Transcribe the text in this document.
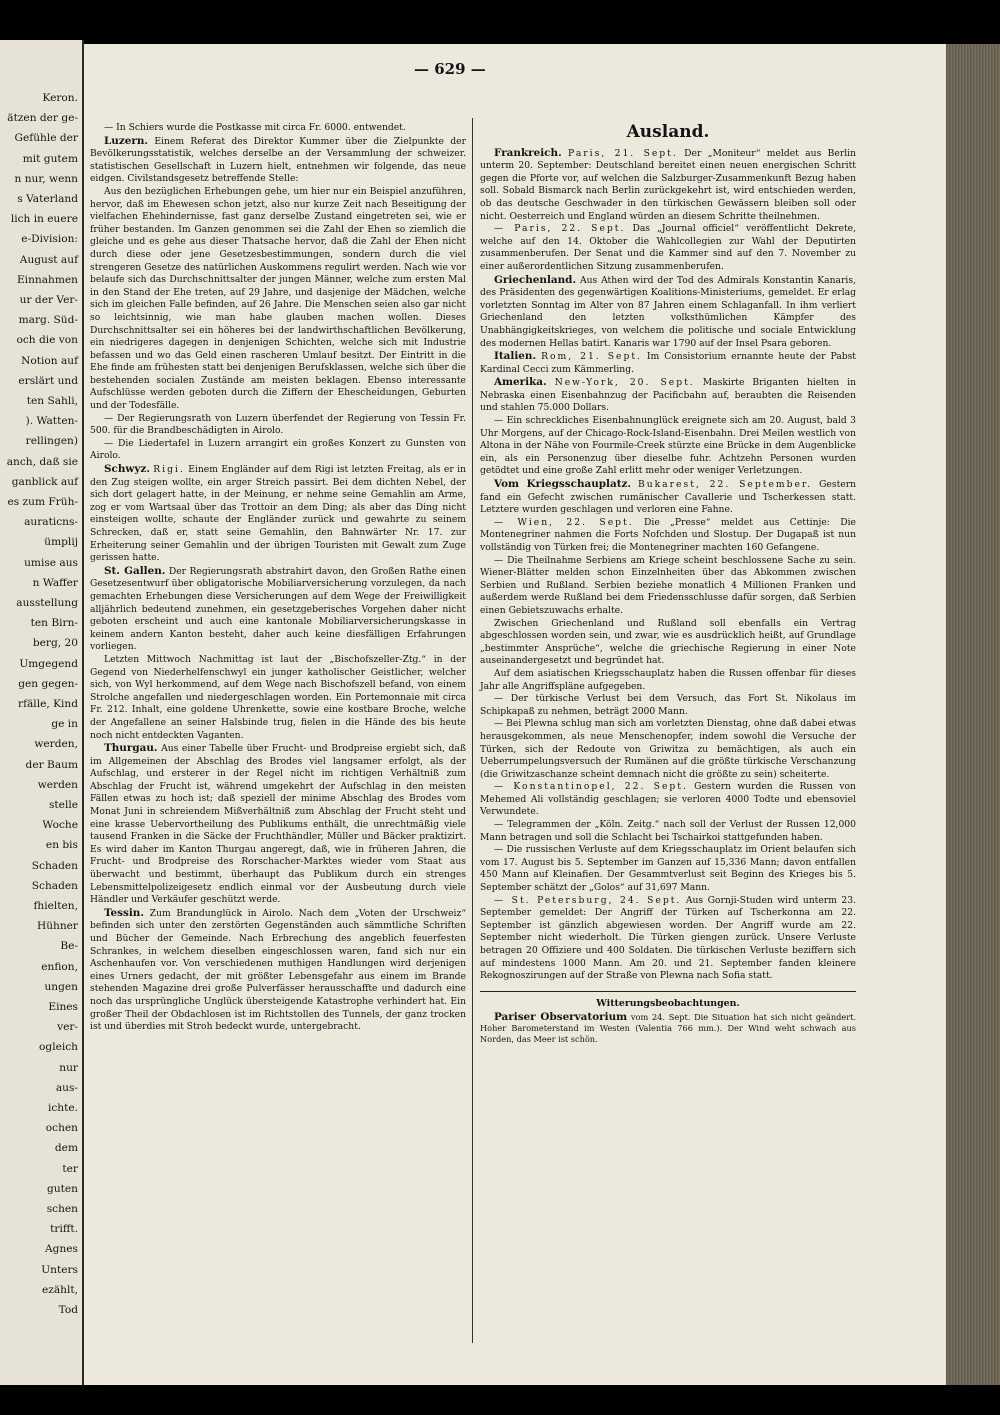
Keron.
ätzen der ge-
Gefühle der
mit gutem
n nur, wenn
s Vaterland
lich in euere
e-Division:
August auf
Einnahmen
ur der Ver-
marg. Süd-
och die von
Notion auf
erslärt und
ten Sahli,
). Watten-
rellingen)
anch, daß sie
ganblick auf
es zum Früh-
auraticns-
ümplij
umise aus
n Waffer
ausstellung
ten Birn-
berg, 20
Umgegend
gen gegen-
rfälle, Kind
ge in
werden,
der Baum
werden
stelle
Woche
en bis
Schaden
Schaden
fhielten,
Hühner
Be-
enfion,
ungen
Eines
ver-
ogleich
nur
aus-
ichte.
ochen
dem
ter
guten
schen
trifft.
Agnes
Unters
ezählt,
Tod
— 629 —

— In Schiers wurde die Postkasse mit circa Fr. 6000. entwendet.

Luzern. Einem Referat des Direktor Kummer über die Zielpunkte der Bevölkerungsstatistik, welches derselbe an der Versammlung der schweizer. statistischen Gesellschaft in Luzern hielt, entnehmen wir folgende, das neue eidgen. Civilstandsgesetz betreffende Stelle:

Aus den bezüglichen Erhebungen gehe, um hier nur ein Beispiel anzuführen, hervor, daß im Ehewesen schon jetzt, also nur kurze Zeit nach Beseitigung der vielfachen Ehehindernisse, fast ganz derselbe Zustand eingetreten sei, wie er früher bestanden. Im Ganzen genommen sei die Zahl der Ehen so ziemlich die gleiche und es gehe aus dieser Thatsache hervor, daß die Zahl der Ehen nicht durch diese oder jene Gesetzesbestimmungen, sondern durch die viel strengeren Gesetze des natürlichen Auskommens regulirt werden. Nach wie vor belaufe sich das Durchschnittsalter der jungen Männer, welche zum ersten Mal in den Stand der Ehe treten, auf 29 Jahre, und dasjenige der Mädchen, welche sich im gleichen Falle befinden, auf 26 Jahre. Die Menschen seien also gar nicht so leichtsinnig, wie man habe glauben machen wollen. Dieses Durchschnittsalter sei ein höheres bei der landwirthschaftlichen Bevölkerung, ein niedrigeres dagegen in denjenigen Schichten, welche sich mit Industrie befassen und wo das Geld einen rascheren Umlauf besitzt. Der Eintritt in die Ehe finde am frühesten statt bei denjenigen Berufsklassen, welche sich über die bestehenden socialen Zustände am meisten beklagen. Ebenso interessante Aufschlüsse werden geboten durch die Ziffern der Ehescheidungen, Geburten und der Todesfälle.

— Der Regierungsrath von Luzern überfendet der Regierung von Tessin Fr. 500. für die Brandbeschädigten in Airolo.

— Die Liedertafel in Luzern arrangirt ein großes Konzert zu Gunsten von Airolo.

Schwyz. Rigi. Einem Engländer auf dem Rigi ist letzten Freitag, als er in den Zug steigen wollte, ein arger Streich passirt. Bei dem dichten Nebel, der sich dort gelagert hatte, in der Meinung, er nehme seine Gemahlin am Arme, zog er vom Wartsaal über das Trottoir an dem Ding; als aber das Ding nicht einsteigen wollte, schaute der Engländer zurück und gewahrte zu seinem Schrecken, daß er, statt seine Gemahlin, den Bahnwärter Nr. 17. zur Erheiterung seiner Gemahlin und der übrigen Touristen mit Gewalt zum Zuge gerissen hatte.

St. Gallen. Der Regierungsrath abstrahirt davon, den Großen Rathe einen Gesetzesentwurf über obligatorische Mobiliarversicherung vorzulegen, da nach gemachten Erhebungen diese Versicherungen auf dem Wege der Freiwilligkeit alljährlich bedeutend zunehmen, ein gesetzgeberisches Vorgehen daher nicht geboten erscheint und auch eine kantonale Mobiliarversicherungskasse in keinem andern Kanton besteht, daher auch keine diesfälligen Erfahrungen vorliegen.

Letzten Mittwoch Nachmittag ist laut der „Bischofszeller-Ztg.“ in der Gegend von Niederhelfenschwyl ein junger katholischer Geistlicher, welcher sich, von Wyl herkommend, auf dem Wege nach Bischofszell befand, von einem Strolche angefallen und niedergeschlagen worden. Ein Portemonnaie mit circa Fr. 212. Inhalt, eine goldene Uhrenkette, sowie eine kostbare Broche, welche der Angefallene an seiner Halsbinde trug, fielen in die Hände des bis heute noch nicht entdeckten Vaganten.

Thurgau. Aus einer Tabelle über Frucht- und Brodpreise ergiebt sich, daß im Allgemeinen der Abschlag des Brodes viel langsamer erfolgt, als der Aufschlag, und ersterer in der Regel nicht im richtigen Verhältniß zum Abschlag der Frucht ist, während umgekehrt der Aufschlag in den meisten Fällen etwas zu hoch ist; daß speziell der minime Abschlag des Brodes vom Monat Juni in schreiendem Mißverhältniß zum Abschlag der Frucht steht und eine krasse Uebervortheilung des Publikums enthält, die unrechtmäßig viele tausend Franken in die Säcke der Fruchthändler, Müller und Bäcker praktizirt. Es wird daher im Kanton Thurgau angeregt, daß, wie in früheren Jahren, die Frucht- und Brodpreise des Rorschacher-Marktes wieder vom Staat aus überwacht und bestimmt, überhaupt das Publikum durch ein strenges Lebensmittelpolizeigesetz endlich einmal vor der Ausbeutung durch viele Händler und Verkäufer geschützt werde.

Tessin. Zum Brandunglück in Airolo. Nach dem „Voten der Urschweiz“ befinden sich unter den zerstörten Gegenständen auch sämmtliche Schriften und Bücher der Gemeinde. Nach Erbrechung des angeblich feuerfesten Schrankes, in welchem dieselben eingeschlossen waren, fand sich nur ein Aschenhaufen vor. Von verschiedenen muthigen Handlungen wird derjenigen eines Urners gedacht, der mit größter Lebensgefahr aus einem im Brande stehenden Magazine drei große Pulverfässer herausschaffte und dadurch eine noch das ursprüngliche Unglück übersteigende Katastrophe verhindert hat. Ein großer Theil der Obdachlosen ist im Richtstollen des Tunnels, der ganz trocken ist und überdies mit Stroh bedeckt wurde, untergebracht.

Ausland.

Frankreich. Paris, 21. Sept. Der „Moniteur“ meldet aus Berlin unterm 20. September: Deutschland bereitet einen neuen energischen Schritt gegen die Pforte vor, auf welchen die Salzburger-Zusammenkunft Bezug haben soll. Sobald Bismarck nach Berlin zurückgekehrt ist, wird entschieden werden, ob das deutsche Geschwader in den türkischen Gewässern bleiben soll oder nicht. Oesterreich und England würden an diesem Schritte theilnehmen.

— Paris, 22. Sept. Das „Journal officiel“ veröffentlicht Dekrete, welche auf den 14. Oktober die Wahlcollegien zur Wahl der Deputirten zusammenberufen. Der Senat und die Kammer sind auf den 7. November zu einer außerordentlichen Sitzung zusammenberufen.

Griechenland. Aus Athen wird der Tod des Admirals Konstantin Kanaris, des Präsidenten des gegenwärtigen Koalitions-Ministeriums, gemeldet. Er erlag vorletzten Sonntag im Alter von 87 Jahren einem Schlaganfall. In ihm verliert Griechenland den letzten volksthümlichen Kämpfer des Unabhängigkeitskrieges, von welchem die politische und sociale Entwicklung des modernen Hellas batirt. Kanaris war 1790 auf der Insel Psara geboren.

Italien. Rom, 21. Sept. Im Consistorium ernannte heute der Pabst Kardinal Cecci zum Kämmerling.

Amerika. New-York, 20. Sept. Maskirte Briganten hielten in Nebraska einen Eisenbahnzug der Pacificbahn auf, beraubten die Reisenden und stahlen 75.000 Dollars.

— Ein schreckliches Eisenbahnunglück ereignete sich am 20. August, bald 3 Uhr Morgens, auf der Chicago-Rock-Island-Eisenbahn. Drei Meilen westlich von Altona in der Nähe von Fourmile-Creek stürzte eine Brücke in dem Augenblicke ein, als ein Personenzug über dieselbe fuhr. Achtzehn Personen wurden getödtet und eine große Zahl erlitt mehr oder weniger Verletzungen.

Vom Kriegsschauplatz. Bukarest, 22. September. Gestern fand ein Gefecht zwischen rumänischer Cavallerie und Tscherkessen statt. Letztere wurden geschlagen und verloren eine Fahne.

— Wien, 22. Sept. Die „Presse“ meldet aus Cettinje: Die Montenegriner nahmen die Forts Nofchden und Slostup. Der Dugapaß ist nun vollständig von Türken frei; die Montenegriner machten 160 Gefangene.

— Die Theilnahme Serbiens am Kriege scheint beschlossene Sache zu sein. Wiener-Blätter melden schon Einzelnheiten über das Abkommen zwischen Serbien und Rußland. Serbien beziehe monatlich 4 Millionen Franken und außerdem werde Rußland bei dem Friedensschlusse dafür sorgen, daß Serbien einen Gebietszuwachs erhalte.

Zwischen Griechenland und Rußland soll ebenfalls ein Vertrag abgeschlossen worden sein, und zwar, wie es ausdrücklich heißt, auf Grundlage „bestimmter Ansprüche“, welche die griechische Regierung in einer Note auseinandergesetzt und begründet hat.

Auf dem asiatischen Kriegsschauplatz haben die Russen offenbar für dieses Jahr alle Angriffspläne aufgegeben.

— Der türkische Verlust bei dem Versuch, das Fort St. Nikolaus im Schipkapaß zu nehmen, beträgt 2000 Mann.

— Bei Plewna schlug man sich am vorletzten Dienstag, ohne daß dabei etwas herausgekommen, als neue Menschenopfer, indem sowohl die Versuche der Türken, sich der Redoute von Griwitza zu bemächtigen, als auch ein Ueberrumpelungsversuch der Rumänen auf die größte türkische Verschanzung (die Griwitzaschanze scheint demnach nicht die größte zu sein) scheiterte.

— Konstantinopel, 22. Sept. Gestern wurden die Russen von Mehemed Ali vollständig geschlagen; sie verloren 4000 Todte und ebensoviel Verwundete.

— Telegrammen der „Köln. Zeitg.“ nach soll der Verlust der Russen 12,000 Mann betragen und soll die Schlacht bei Tschairkoi stattgefunden haben.

— Die russischen Verluste auf dem Kriegsschauplatz im Orient belaufen sich vom 17. August bis 5. September im Ganzen auf 15,336 Mann; davon entfallen 450 Mann auf Kleinafien. Der Gesammtverlust seit Beginn des Krieges bis 5. September schätzt der „Golos“ auf 31,697 Mann.

— St. Petersburg, 24. Sept. Aus Gornji-Studen wird unterm 23. September gemeldet: Der Angriff der Türken auf Tscherkonna am 22. September ist gänzlich abgewiesen worden. Der Angriff wurde am 22. September nicht wiederholt. Die Türken giengen zurück. Unsere Verluste betragen 20 Offiziere und 400 Soldaten. Die türkischen Verluste beziffern sich auf mindestens 1000 Mann. Am 20. und 21. September fanden kleinere Rekognoszirungen auf der Straße von Plewna nach Sofia statt.

Witterungsbeobachtungen.

Pariser Observatorium vom 24. Sept. Die Situation hat sich nicht geändert. Hoher Barometerstand im Westen (Valentia 766 mm.). Der Wind weht schwach aus Norden, das Meer ist schön.
